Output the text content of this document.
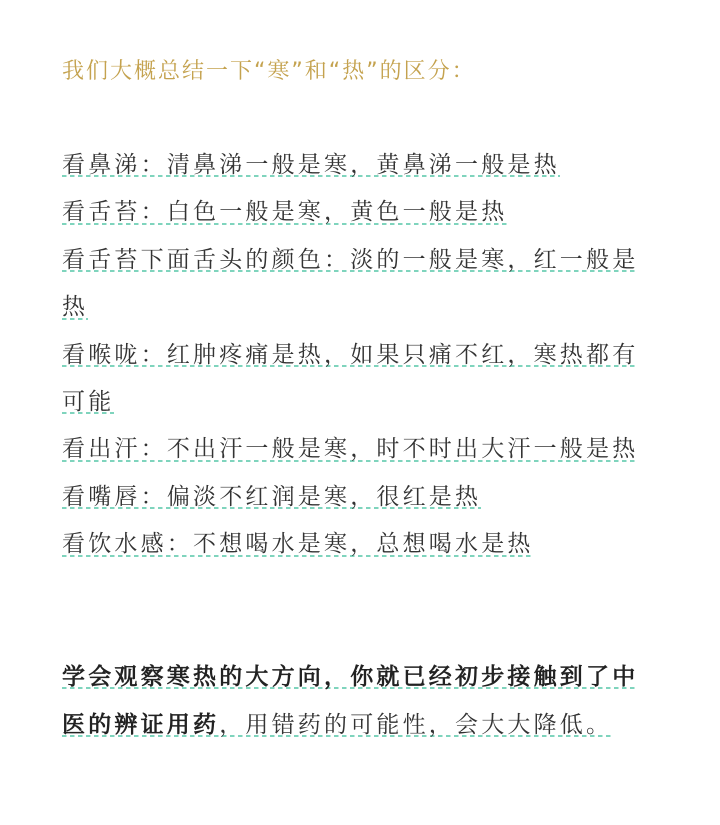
我们大概总结一下“寒”和“热”的区分：

看鼻涕：清鼻涕一般是寒，黄鼻涕一般是热

看舌苔：白色一般是寒，黄色一般是热

看舌苔下面舌头的颜色：淡的一般是寒，红一般是热

看喉咙：红肿疼痛是热，如果只痛不红，寒热都有可能

看出汗：不出汗一般是寒，时不时出大汗一般是热

看嘴唇：偏淡不红润是寒，很红是热

看饮水感：不想喝水是寒，总想喝水是热

学会观察寒热的大方向，你就已经初步接触到了中医的辨证用药，用错药的可能性，会大大降低。
